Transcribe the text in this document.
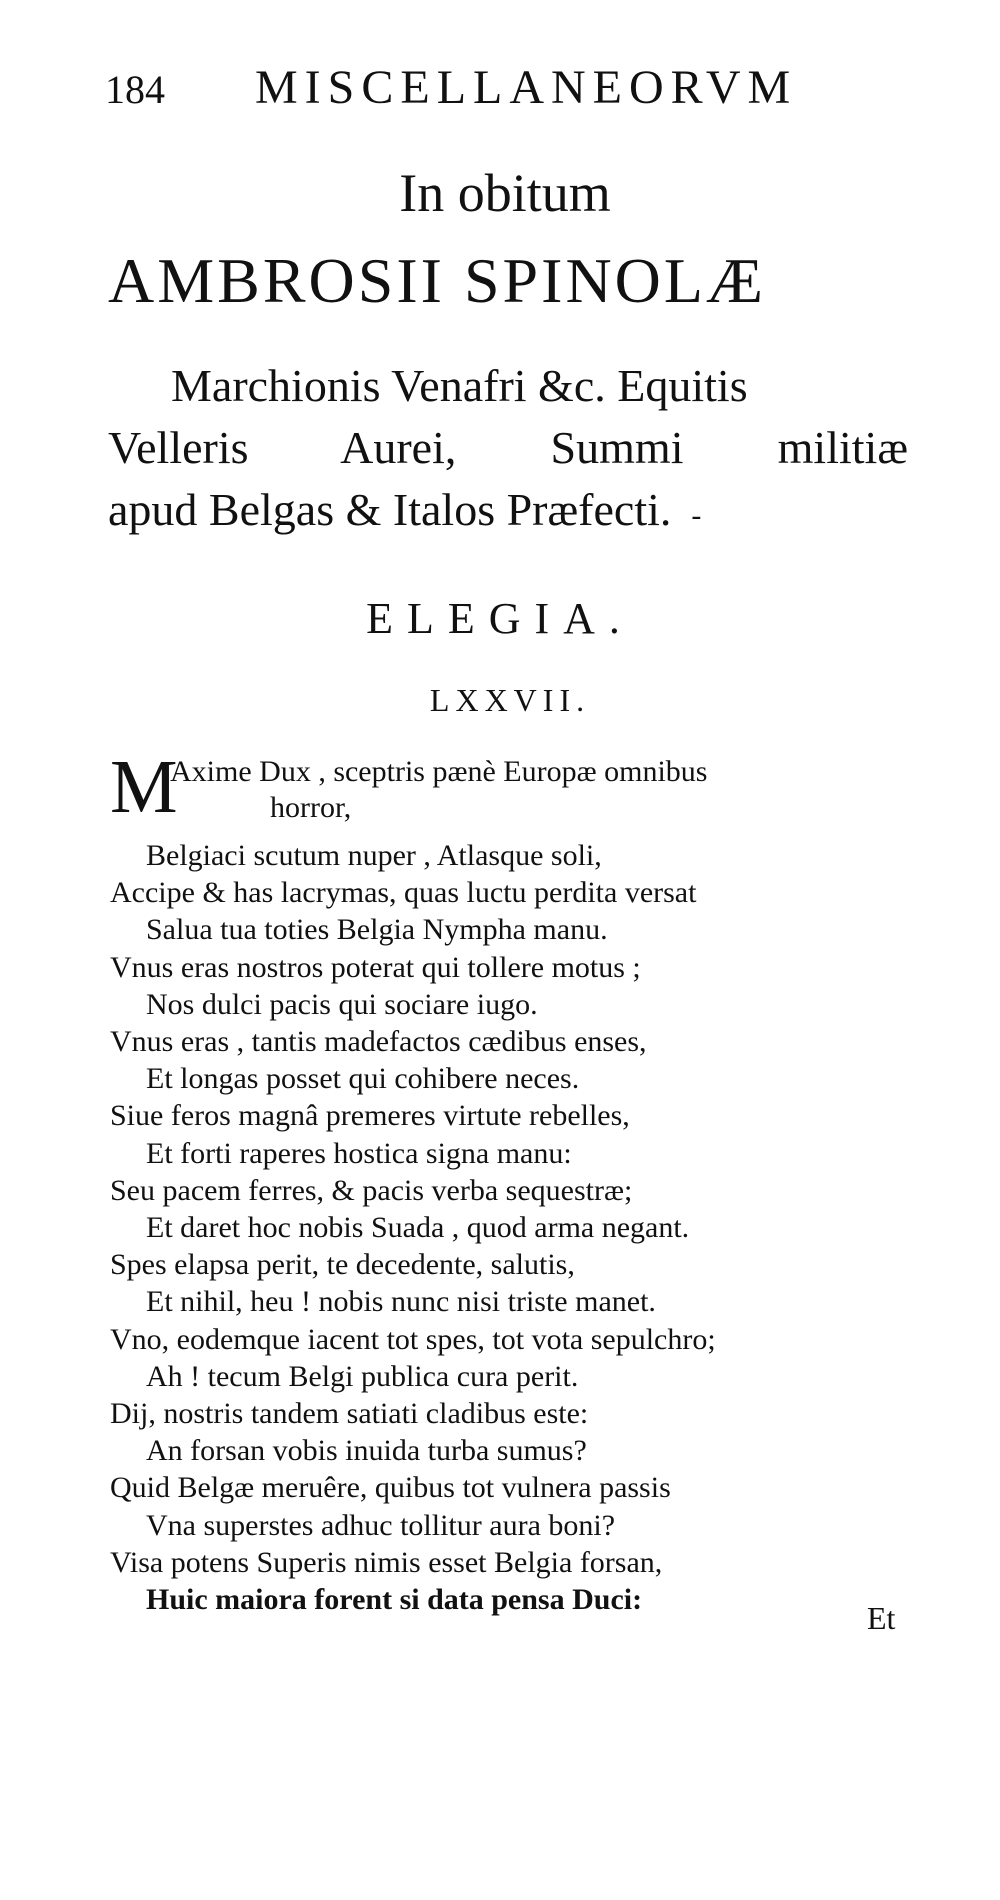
184 MISCELLANEORVM
In obitum
AMBROSII SPINOLÆ
Marchionis Venafri &c. Equitis
Velleris Aurei, Summi militiæ
apud Belgas & Italos Præfecti. -
ELEGIA.
LXXVII.
M
Axime Dux , sceptris pænè Europæ omnibus
horror,
Belgiaci scutum nuper , Atlasque soli,
Accipe & has lacrymas, quas luctu perdita versat
Salua tua toties Belgia Nympha manu.
Vnus eras nostros poterat qui tollere motus ;
Nos dulci pacis qui sociare iugo.
Vnus eras , tantis madefactos cædibus enses,
Et longas posset qui cohibere neces.
Siue feros magnâ premeres virtute rebelles,
Et forti raperes hostica signa manu:
Seu pacem ferres, & pacis verba sequestræ;
Et daret hoc nobis Suada , quod arma negant.
Spes elapsa perit, te decedente, salutis,
Et nihil, heu ! nobis nunc nisi triste manet.
Vno, eodemque iacent tot spes, tot vota sepulchro;
Ah ! tecum Belgi publica cura perit.
Dij, nostris tandem satiati cladibus este:
An forsan vobis inuida turba sumus?
Quid Belgæ meruêre, quibus tot vulnera passis
Vna superstes adhuc tollitur aura boni?
Visa potens Superis nimis esset Belgia forsan,
Huic maiora forent si data pensa Duci:
Et
